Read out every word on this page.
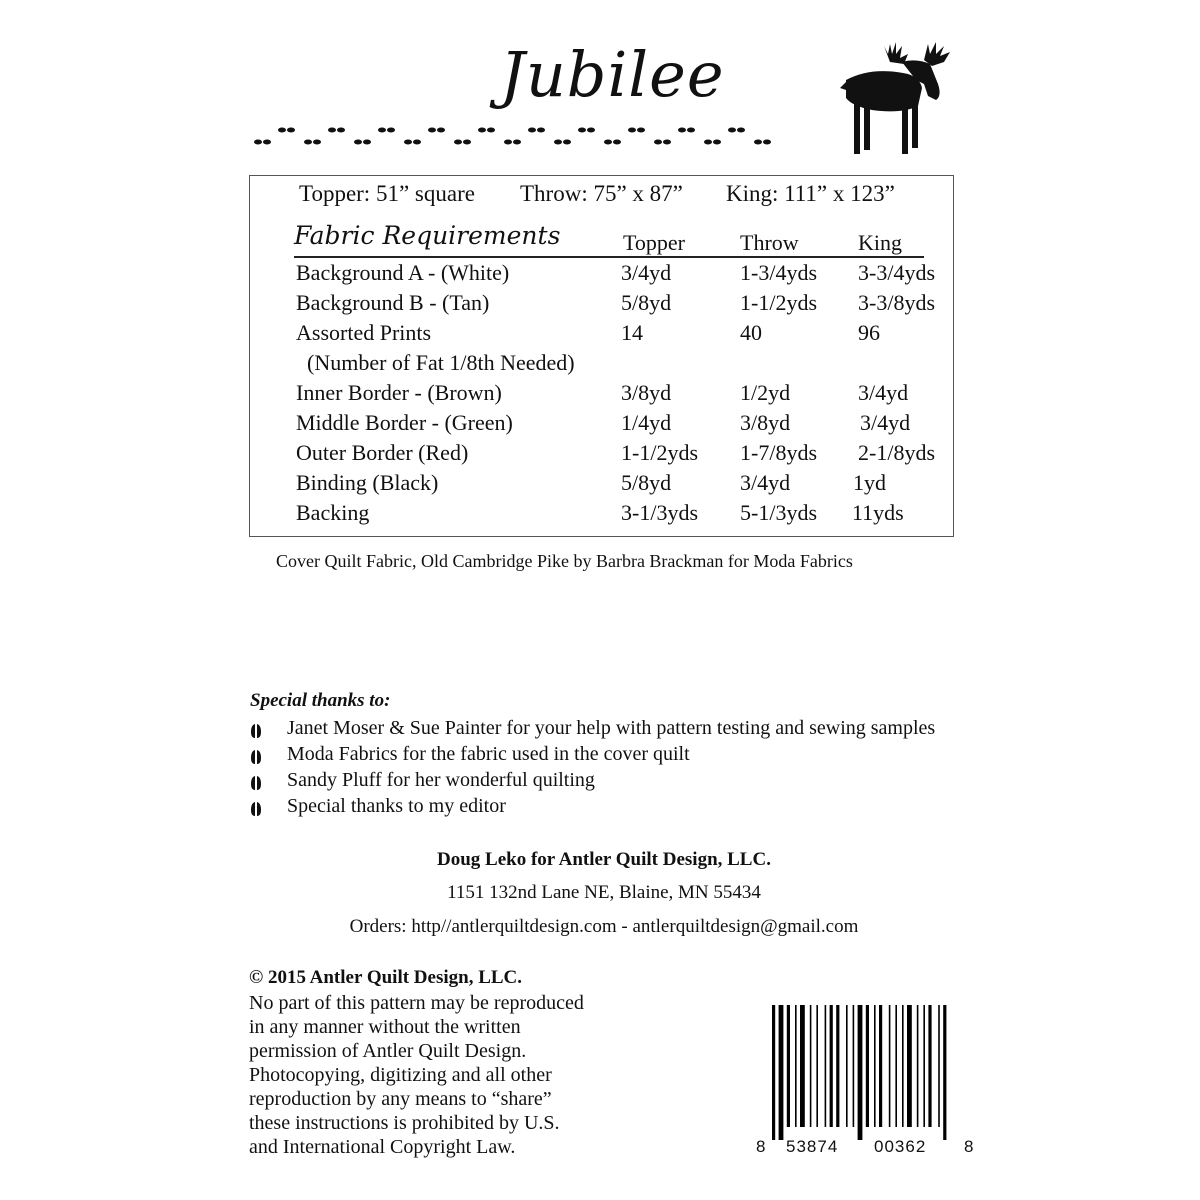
Jubilee
Topper: 51” square Throw: 75” x 87” King: 111” x 123”
Fabric Requirements	Topper	Throw	King
Background A - (White)	3/4yd	1-3/4yds 3-3/4yds
Background B - (Tan)	5/8yd	1-1/2yds 3-3/8yds
Assorted Prints	14	40	96
(Number of Fat 1/8th Needed)
Inner Border - (Brown)	3/8yd	1/2yd	3/4yd
Middle Border - (Green)	1/4yd	3/8yd	3/4yd
Outer Border (Red)	1-1/2yds 1-7/8yds 2-1/8yds
Binding (Black)	5/8yd	3/4yd	1yd
Backing	3-1/3yds 5-1/3yds 11yds
Cover Quilt Fabric, Old Cambridge Pike by Barbra Brackman for Moda Fabrics
Special thanks to:
Janet Moser & Sue Painter for your help with pattern testing and sewing samples
Moda Fabrics for the fabric used in the cover quilt
Sandy Pluff for her wonderful quilting
Special thanks to my editor
Doug Leko for Antler Quilt Design, LLC.
1151 132nd Lane NE, Blaine, MN 55434
Orders: http//antlerquiltdesign.com - antlerquiltdesign@gmail.com
© 2015 Antler Quilt Design, LLC.
No part of this pattern may be reproduced
in any manner without the written
permission of Antler Quilt Design.
Photocopying, digitizing and all other
reproduction by any means to “share”
these instructions is prohibited by U.S.
and International Copyright Law.	8 53874 00362 8
